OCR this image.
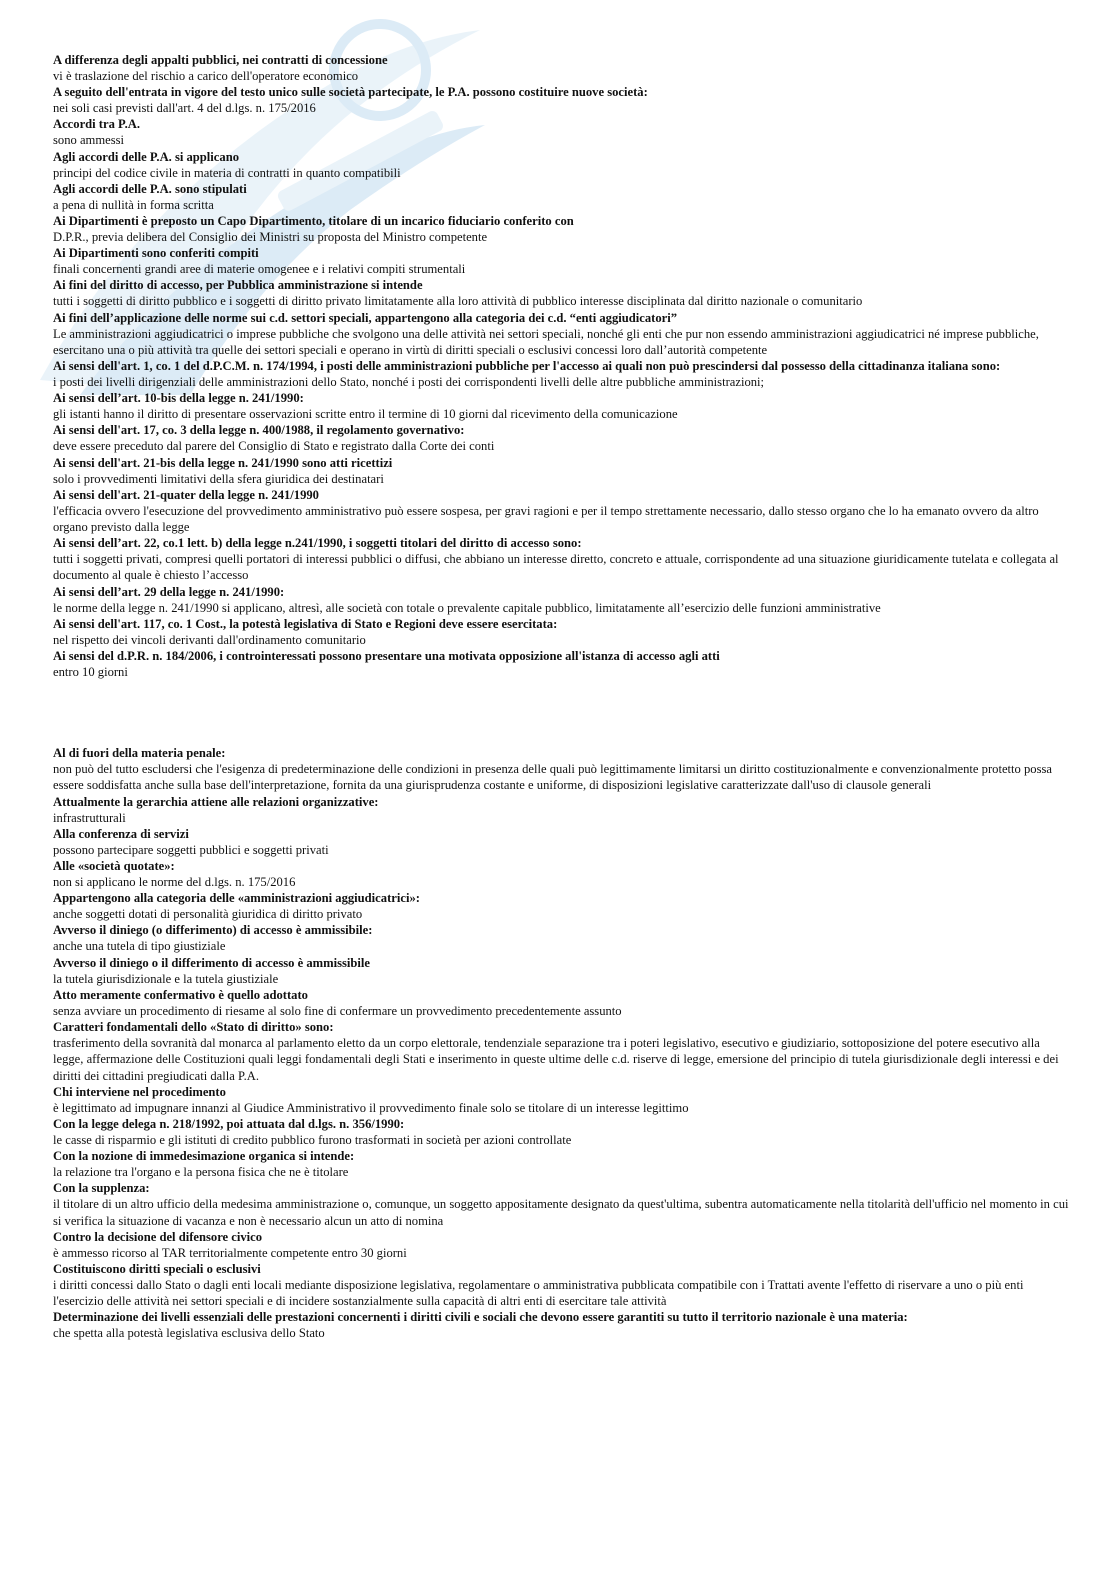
A differenza degli appalti pubblici, nei contratti di concessione

vi è traslazione del rischio a carico dell'operatore economico

A seguito dell'entrata in vigore del testo unico sulle società partecipate, le P.A. possono costituire nuove società:

nei soli casi previsti dall'art. 4 del d.lgs. n. 175/2016

Accordi tra P.A.

sono ammessi

Agli accordi delle P.A. si applicano

principi del codice civile in materia di contratti in quanto compatibili

Agli accordi delle P.A. sono stipulati

a pena di nullità in forma scritta

Ai Dipartimenti è preposto un Capo Dipartimento, titolare di un incarico fiduciario conferito con

D.P.R., previa delibera del Consiglio dei Ministri su proposta del Ministro competente

Ai Dipartimenti sono conferiti compiti

finali concernenti grandi aree di materie omogenee e i relativi compiti strumentali

Ai fini del diritto di accesso, per Pubblica amministrazione si intende

tutti i soggetti di diritto pubblico e i soggetti di diritto privato limitatamente alla loro attività di pubblico interesse disciplinata dal diritto nazionale o comunitario

Ai fini dell’applicazione delle norme sui c.d. settori speciali, appartengono alla categoria dei c.d. “enti aggiudicatori”

Le amministrazioni aggiudicatrici o imprese pubbliche che svolgono una delle attività nei settori speciali, nonché gli enti che pur non essendo amministrazioni aggiudicatrici né imprese pubbliche, esercitano una o più attività tra quelle dei settori speciali e operano in virtù di diritti speciali o esclusivi concessi loro dall’autorità competente

Ai sensi dell'art. 1, co. 1 del d.P.C.M. n. 174/1994, i posti delle amministrazioni pubbliche per l'accesso ai quali non può prescindersi dal possesso della cittadinanza italiana sono:

i posti dei livelli dirigenziali delle amministrazioni dello Stato, nonché i posti dei corrispondenti livelli delle altre pubbliche amministrazioni;

Ai sensi dell’art. 10-bis della legge n. 241/1990:

gli istanti hanno il diritto di presentare osservazioni scritte entro il termine di 10 giorni dal ricevimento della comunicazione

Ai sensi dell'art. 17, co. 3 della legge n. 400/1988, il regolamento governativo:

deve essere preceduto dal parere del Consiglio di Stato e registrato dalla Corte dei conti

Ai sensi dell'art. 21-bis della legge n. 241/1990 sono atti ricettizi

solo i provvedimenti limitativi della sfera giuridica dei destinatari

Ai sensi dell'art. 21-quater della legge n. 241/1990

l'efficacia ovvero l'esecuzione del provvedimento amministrativo può essere sospesa, per gravi ragioni e per il tempo strettamente necessario, dallo stesso organo che lo ha emanato ovvero da altro organo previsto dalla legge

Ai sensi dell’art. 22, co.1 lett. b) della legge n.241/1990, i soggetti titolari del diritto di accesso sono:

tutti i soggetti privati, compresi quelli portatori di interessi pubblici o diffusi, che abbiano un interesse diretto, concreto e attuale, corrispondente ad una situazione giuridicamente tutelata e collegata al documento al quale è chiesto l’accesso

Ai sensi dell’art. 29 della legge n. 241/1990:

le norme della legge n. 241/1990 si applicano, altresì, alle società con totale o prevalente capitale pubblico, limitatamente all’esercizio delle funzioni amministrative

Ai sensi dell'art. 117, co. 1 Cost., la potestà legislativa di Stato e Regioni deve essere esercitata:

nel rispetto dei vincoli derivanti dall'ordinamento comunitario

Ai sensi del d.P.R. n. 184/2006, i controinteressati possono presentare una motivata opposizione all'istanza di accesso agli atti

entro 10 giorni

Al di fuori della materia penale:

non può del tutto escludersi che l'esigenza di predeterminazione delle condizioni in presenza delle quali può legittimamente limitarsi un diritto costituzionalmente e convenzionalmente protetto possa essere soddisfatta anche sulla base dell'interpretazione, fornita da una giurisprudenza costante e uniforme, di disposizioni legislative caratterizzate dall'uso di clausole generali

Attualmente la gerarchia attiene alle relazioni organizzative:

infrastrutturali

Alla conferenza di servizi

possono partecipare soggetti pubblici e soggetti privati

Alle «società quotate»:

non si applicano le norme del d.lgs. n. 175/2016

Appartengono alla categoria delle «amministrazioni aggiudicatrici»:

anche soggetti dotati di personalità giuridica di diritto privato

Avverso il diniego (o differimento) di accesso è ammissibile:

anche una tutela di tipo giustiziale

Avverso il diniego o il differimento di accesso è ammissibile

la tutela giurisdizionale e la tutela giustiziale

Atto meramente confermativo è quello adottato

senza avviare un procedimento di riesame al solo fine di confermare un provvedimento precedentemente assunto

Caratteri fondamentali dello «Stato di diritto» sono:

trasferimento della sovranità dal monarca al parlamento eletto da un corpo elettorale, tendenziale separazione tra i poteri legislativo, esecutivo e giudiziario, sottoposizione del potere esecutivo alla legge, affermazione delle Costituzioni quali leggi fondamentali degli Stati e inserimento in queste ultime delle c.d. riserve di legge, emersione del principio di tutela giurisdizionale degli interessi e dei diritti dei cittadini pregiudicati dalla P.A.

Chi interviene nel procedimento

è legittimato ad impugnare innanzi al Giudice Amministrativo il provvedimento finale solo se titolare di un interesse legittimo

Con la legge delega n. 218/1992, poi attuata dal d.lgs. n. 356/1990:

le casse di risparmio e gli istituti di credito pubblico furono trasformati in società per azioni controllate

Con la nozione di immedesimazione organica si intende:

la relazione tra l'organo e la persona fisica che ne è titolare

Con la supplenza:

il titolare di un altro ufficio della medesima amministrazione o, comunque, un soggetto appositamente designato da quest'ultima, subentra automaticamente nella titolarità dell'ufficio nel momento in cui si verifica la situazione di vacanza e non è necessario alcun un atto di nomina

Contro la decisione del difensore civico

è ammesso ricorso al TAR territorialmente competente entro 30 giorni

Costituiscono diritti speciali o esclusivi

i diritti concessi dallo Stato o dagli enti locali mediante disposizione legislativa, regolamentare o amministrativa pubblicata compatibile con i Trattati avente l'effetto di riservare a uno o più enti l'esercizio delle attività nei settori speciali e di incidere sostanzialmente sulla capacità di altri enti di esercitare tale attività

Determinazione dei livelli essenziali delle prestazioni concernenti i diritti civili e sociali che devono essere garantiti su tutto il territorio nazionale è una materia:

che spetta alla potestà legislativa esclusiva dello Stato
